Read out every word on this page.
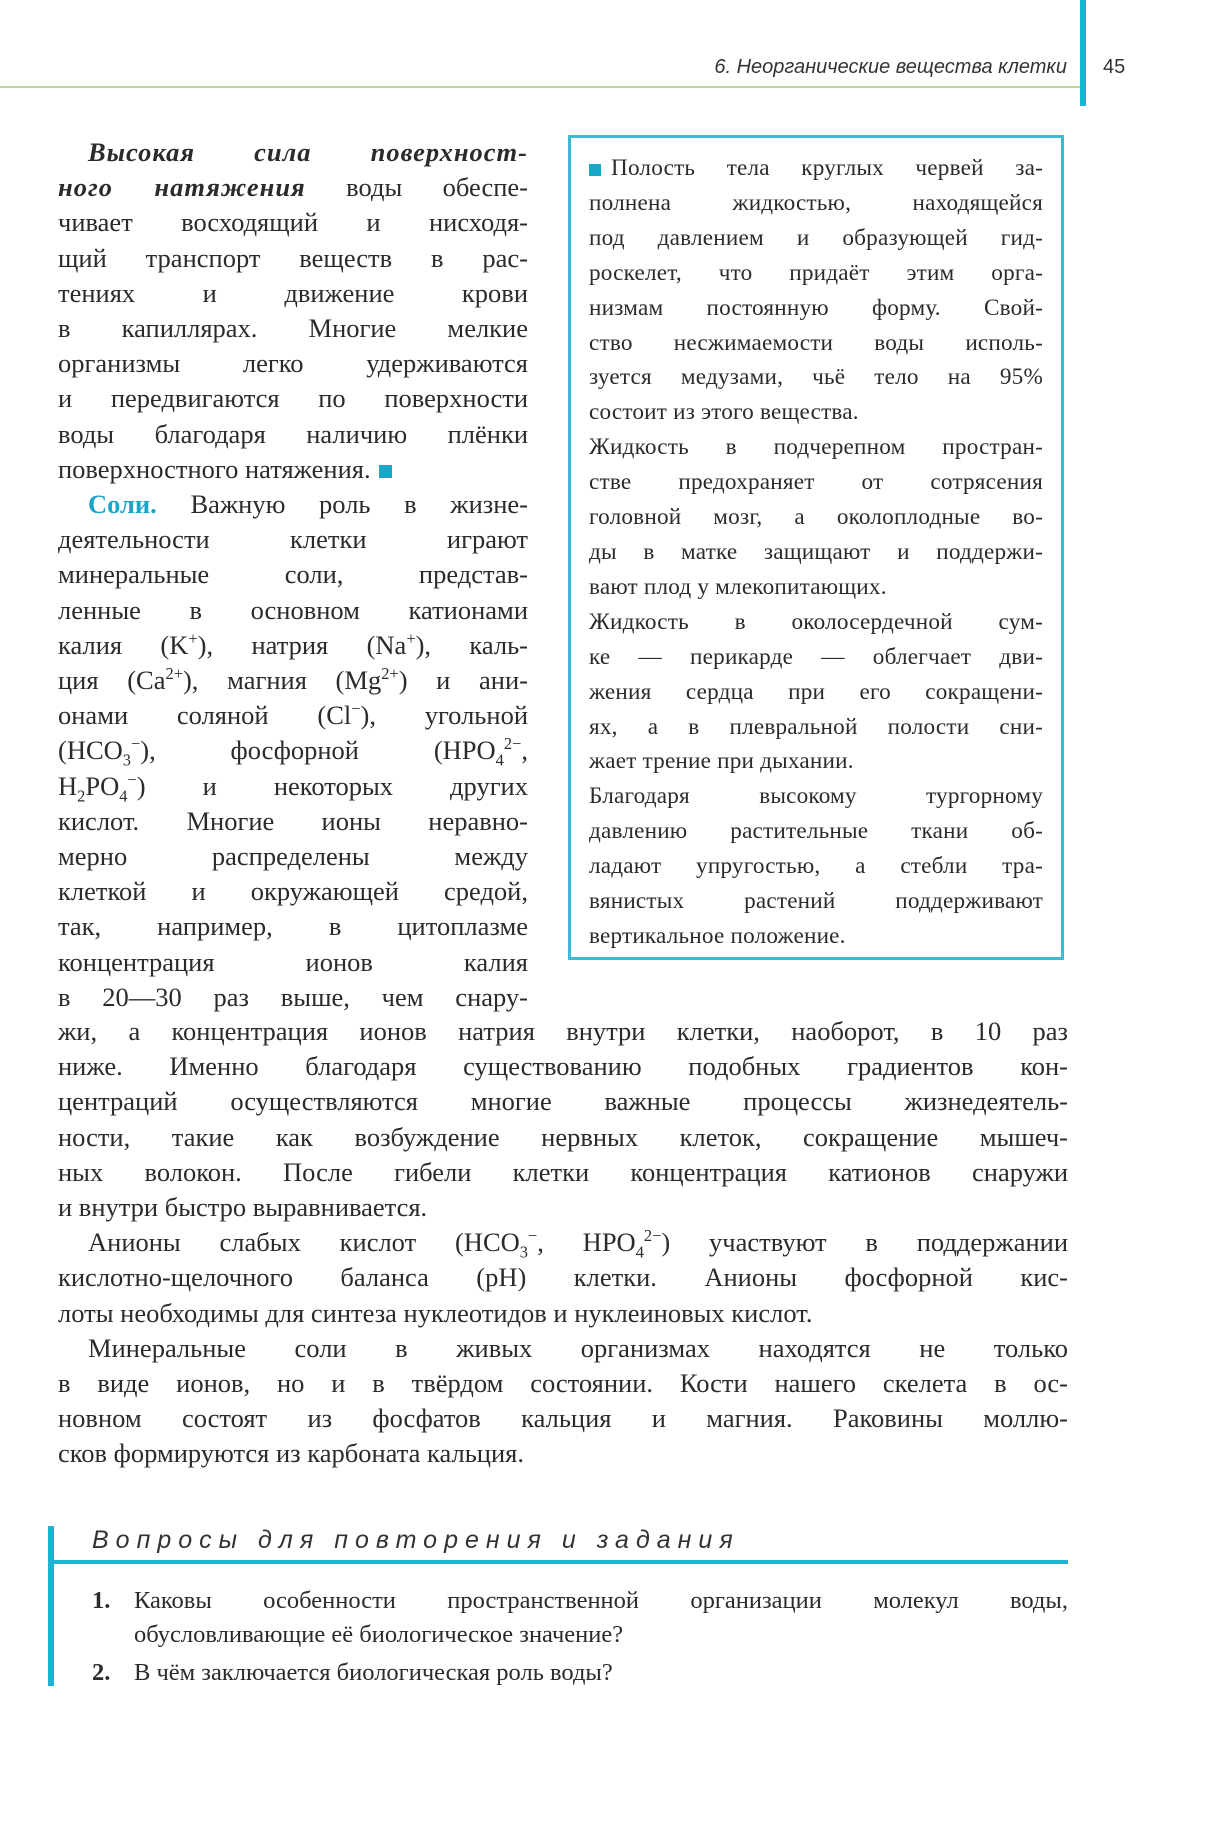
6. Неорганические вещества клетки 45

Высокая сила поверхност-

ного натяжения воды обеспе-

чивает восходящий и нисходя-

щий транспорт веществ в рас-

тениях и движение крови

в капиллярах. Многие мелкие

организмы легко удерживаются

и передвигаются по поверхности

воды благодаря наличию плёнки

поверхностного натяжения.

Соли. Важную роль в жизне-

деятельности клетки играют

минеральные соли, представ-

ленные в основном катионами

калия (K+), натрия (Na+), каль-

ция $(Ca^{2+})$, магния $(Mg^{2+})$ и ани-

онами соляной (Cl−), угольной

$(HCO_3^-)$, фосфорной ($HPO_4^{2-}$,

$H_2PO_4^-$) и некоторых других

кислот. Многие ионы неравно-

мерно распределены между

клеткой и окружающей средой,

так, например, в цитоплазме

концентрация ионов калия

в 20—30 раз выше, чем снару-

Полость тела круглых червей за-

полнена жидкостью, находящейся

под давлением и образующей гид-

роскелет, что придаёт этим орга-

низмам постоянную форму. Свой-

ство несжимаемости воды исполь-

зуется медузами, чьё тело на 95%

состоит из этого вещества.

Жидкость в подчерепном простран-

стве предохраняет от сотрясения

головной мозг, а околоплодные во-

ды в матке защищают и поддержи-

вают плод у млекопитающих.

Жидкость в околосердечной сум-

ке — перикарде — облегчает дви-

жения сердца при его сокращени-

ях, а в плевральной полости сни-

жает трение при дыхании.

Благодаря высокому тургорному

давлению растительные ткани об-

ладают упругостью, а стебли тра-

вянистых растений поддерживают

вертикальное положение.

жи, а концентрация ионов натрия внутри клетки, наоборот, в 10 раз

ниже. Именно благодаря существованию подобных градиентов кон-

центраций осуществляются многие важные процессы жизнедеятель-

ности, такие как возбуждение нервных клеток, сокращение мышеч-

ных волокон. После гибели клетки концентрация катионов снаружи

и внутри быстро выравнивается.

Анионы слабых кислот ($HCO_3^-$, $HPO_4^{2-}$) участвуют в поддержании

кислотно-щелочного баланса (pH) клетки. Анионы фосфорной кис-

лоты необходимы для синтеза нуклеотидов и нуклеиновых кислот.

Минеральные соли в живых организмах находятся не только

в виде ионов, но и в твёрдом состоянии. Кости нашего скелета в ос-

новном состоят из фосфатов кальция и магния. Раковины моллю-

сков формируются из карбоната кальция.

Вопросы для повторения и задания
1. Каковы особенности пространственной организации молекул воды,

обусловливающие её биологическое значение?

2. В чём заключается биологическая роль воды?
